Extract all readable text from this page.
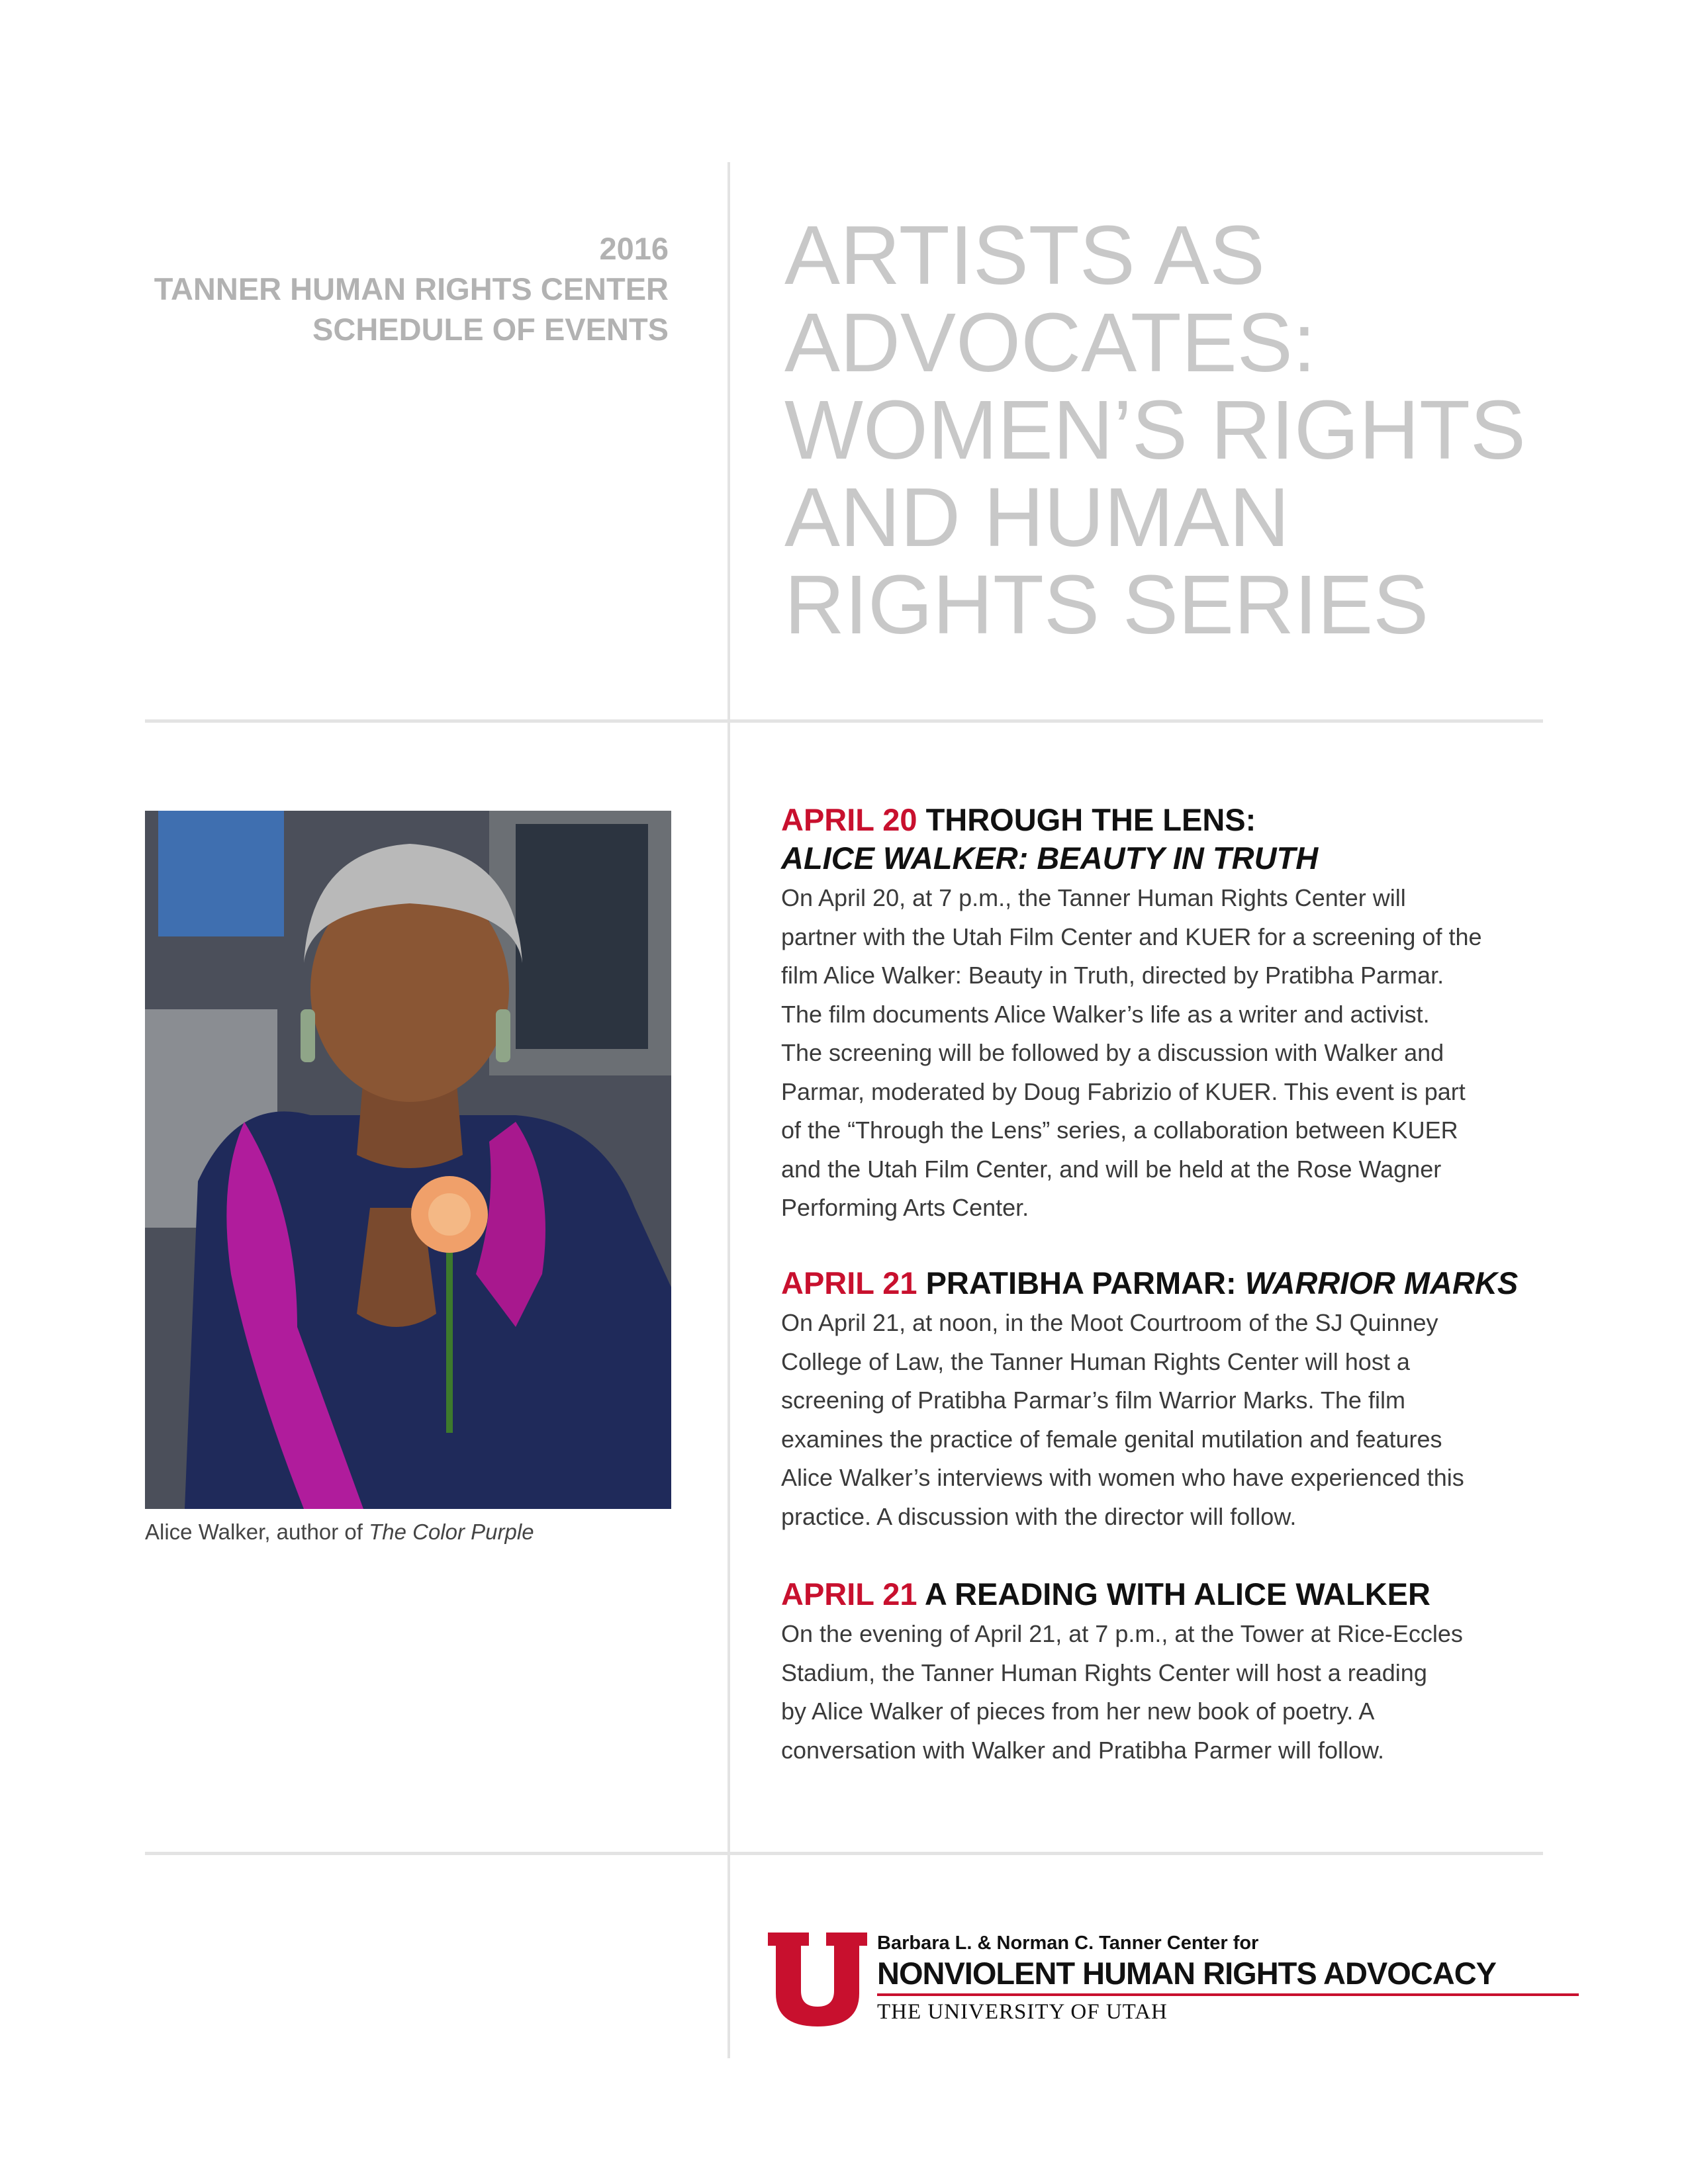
2016
TANNER HUMAN RIGHTS CENTER
SCHEDULE OF EVENTS
ARTISTS AS
ADVOCATES:
WOMEN’S RIGHTS
AND HUMAN
RIGHTS SERIES
Alice Walker, author of The Color Purple
APRIL 20 THROUGH THE LENS:
ALICE WALKER: BEAUTY IN TRUTH

On April 20, at 7 p.m., the Tanner Human Rights Center will

partner with the Utah Film Center and KUER for a screening of the

film Alice Walker: Beauty in Truth, directed by Pratibha Parmar.

The film documents Alice Walker’s life as a writer and activist.

The screening will be followed by a discussion with Walker and

Parmar, moderated by Doug Fabrizio of KUER. This event is part

of the “Through the Lens” series, a collaboration between KUER

and the Utah Film Center, and will be held at the Rose Wagner

Performing Arts Center.

APRIL 21 PRATIBHA PARMAR: WARRIOR MARKS

On April 21, at noon, in the Moot Courtroom of the SJ Quinney

College of Law, the Tanner Human Rights Center will host a

screening of Pratibha Parmar’s film Warrior Marks. The film

examines the practice of female genital mutilation and features

Alice Walker’s interviews with women who have experienced this

practice. A discussion with the director will follow.

APRIL 21 A READING WITH ALICE WALKER

On the evening of April 21, at 7 p.m., at the Tower at Rice-Eccles

Stadium, the Tanner Human Rights Center will host a reading

by Alice Walker of pieces from her new book of poetry. A

conversation with Walker and Pratibha Parmer will follow.

Barbara L. & Norman C. Tanner Center for
NONVIOLENT HUMAN RIGHTS ADVOCACY
THE UNIVERSITY OF UTAH
